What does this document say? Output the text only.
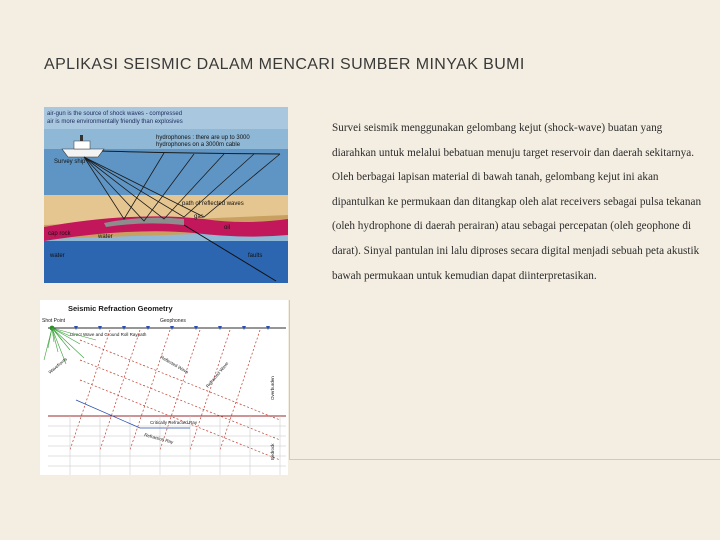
APLIKASI SEISMIC DALAM MENCARI SUMBER MINYAK BUMI
air-gun is the source of shock waves - compressed
air is more environmentally friendly than explosives
Survey ship
hydrophones : there are up to 3000
hydrophones on a 3000m cable
path of reflected waves
gas
cap rock	water
oil
water	faults
Seismic Refraction Geometry
Shot Point	Geophones
Direct Wave and Ground Roll Raypath
Wavefronts	Reflected Wave	Refracted Wave
Critically Refracted Ray
Refraction Ray
Overburden
Bedrock
Survei seismik menggunakan gelombang kejut (shock-wave) buatan yang diarahkan untuk melalui bebatuan menuju target reservoir dan daerah sekitarnya. Oleh berbagai lapisan material di bawah tanah, gelombang kejut ini akan dipantulkan ke permukaan dan ditangkap oleh alat receivers sebagai pulsa tekanan (oleh hydrophone di daerah perairan) atau sebagai percepatan (oleh geophone di darat). Sinyal pantulan ini lalu diproses secara digital menjadi sebuah peta akustik bawah permukaan untuk kemudian dapat diinterpretasikan.
